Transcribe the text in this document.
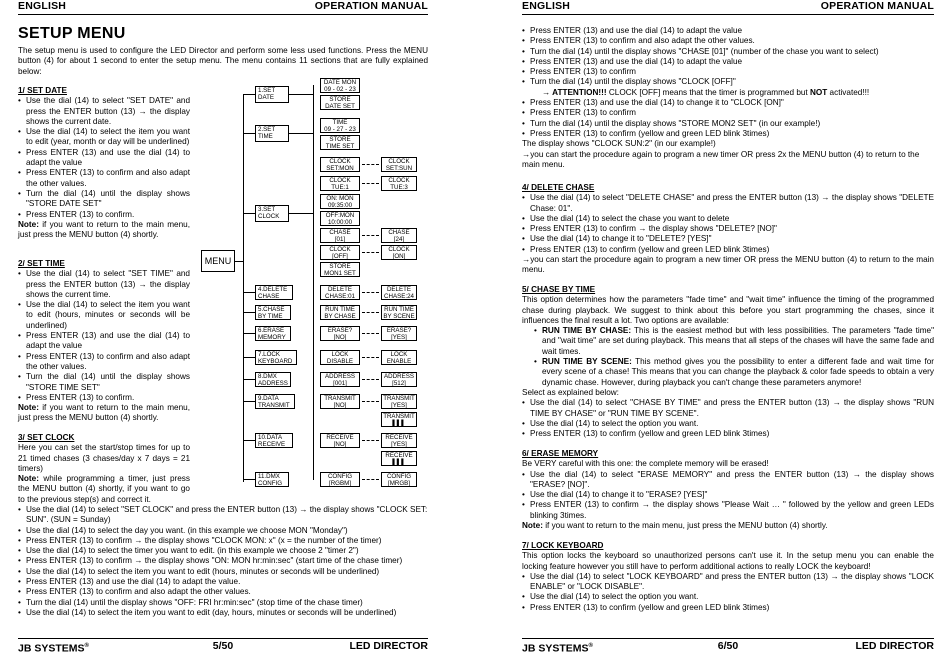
ENGLISH	OPERATION MANUAL
SETUP MENU
The setup menu is used to configure the LED Director and perform some less used functions. Press the MENU button (4) for about 1 second to enter the setup menu. The menu contains 11 sections that are fully explained below:
1/ SET DATE
• Use the dial (14) to select "SET DATE" and press the ENTER button (13) → the display shows the current date.
• Use the dial (14) to select the item you want to edit (year, month or day will be underlined)
• Press ENTER (13) and use the dial (14) to adapt the value
• Press ENTER (13) to confirm and also adapt the other values.
• Turn the dial (14) until the display shows "STORE DATE SET"
• Press ENTER (13) to confirm.
Note: if you want to return to the main menu, just press the MENU button (4) shortly.
2/ SET TIME
• Use the dial (14) to select "SET TIME" and press the ENTER button (13) → the display shows the current time.
• Use the dial (14) to select the item you want to edit (hours, minutes or seconds will be underlined)
• Press ENTER (13) and use the dial (14) to adapt the value
• Press ENTER (13) to confirm and also adapt the other values.
• Turn the dial (14) until the display shows "STORE TIME SET"
• Press ENTER (13) to confirm.
Note: if you want to return to the main menu, just press the MENU button (4) shortly.
3/ SET CLOCK
Here you can set the start/stop times for up to 21 timed chases (3 chases/day x 7 days = 21 timers)
Note: while programming a timer, just press the MENU button (4) shortly, if you want to go to the previous step(s) and correct it.
• Use the dial (14) to select "SET CLOCK" and press the ENTER button (13) → the display shows "CLOCK SET: SUN". (SUN = Sunday)
• Use the dial (14) to select the day you want. (in this example we choose MON "Monday")
• Press ENTER (13) to confirm → the display shows "CLOCK MON: x" (x = the number of the timer)
• Use the dial (14) to select the timer you want to edit. (in this example we choose 2 "timer 2")
• Press ENTER (13) to confirm → the display shows "ON: MON hr:min:sec" (start time of the chase timer)
• Use the dial (14) to select the item you want to edit (hours, minutes or seconds will be underlined)
• Press ENTER (13) and use the dial (14) to adapt the value.
• Press ENTER (13) to confirm and also adapt the other values.
• Turn the dial (14) until the display shows "OFF: FRI hr:min:sec" (stop time of the chase timer)
• Use the dial (14) to select the item you want to edit (day, hours, minutes or seconds will be underlined)
JB SYSTEMS®	5/50	LED DIRECTOR
MENU
1.SET
DATE
2.SET
TIME
3.SET
CLOCK
4.DELETE
CHASE
5.CHASE
BY TIME
6.ERASE
MEMORY
7.LOCK
KEYBOARD
8.DMX
ADDRESS
9.DATA
TRANSMIT
10.DATA
RECEIVE
11.DMX
CONFIG
DATE MON
09 - 02 - 23
STORE
DATE SET
TIME
09 - 27 - 23
STORE
TIME SET
CLOCK
SET:MON
CLOCK
TUE:1
ON: MON
09:35:00
OFF:MON
10:00:00
CHASE
[01]
CLOCK
[OFF]
STORE
MON1 SET
DELETE
CHASE:01
RUN TIME
BY CHASE
ERASE?
[NO]
LOCK
DISABLE
ADDRESS
[001]
TRANSMIT
[NO]
RECEIVE
[NO]
CONFIG
[RGBM]
CLOCK
SET:SUN
CLOCK
TUE:3
CHASE
[24]
CLOCK
[ON]
DELETE
CHASE:24
RUN TIME
BY SCENE
ERASE?
[YES]
LOCK
ENABLE
ADDRESS
[512]
TRANSMIT
[YES]
TRANSMIT
▌▌▌
RECEIVE
[YES]
RECEIVE
▌▌▌
CONFIG
[MRGB]
ENGLISH	OPERATION MANUAL
• Press ENTER (13) and use the dial (14) to adapt the value
• Press ENTER (13) to confirm and also adapt the other values.
• Turn the dial (14) until the display shows "CHASE [01]" (number of the chase you want to select)
• Press ENTER (13) and use the dial (14) to adapt the value
• Press ENTER (13) to confirm
• Turn the dial (14) until the display shows "CLOCK [OFF]"
→ ATTENTION!!! CLOCK [OFF] means that the timer is programmed but NOT activated!!!
• Press ENTER (13) and use the dial (14) to change it to "CLOCK [ON]"
• Press ENTER (13) to confirm
• Turn the dial (14) until the display shows "STORE MON2 SET" (in our example!)
• Press ENTER (13) to confirm (yellow and green LED blink 3times)
The display shows "CLOCK SUN:2" (in our example!)
→you can start the procedure again to program a new timer OR press 2x the MENU button (4) to return to the main menu.
4/ DELETE CHASE
• Use the dial (14) to select "DELETE CHASE" and press the ENTER button (13) → the display shows "DELETE Chase: 01".
• Use the dial (14) to select the chase you want to delete
• Press ENTER (13) to confirm → the display shows "DELETE? [NO]"
• Use the dial (14) to change it to "DELETE? [YES]"
• Press ENTER (13) to confirm (yellow and green LED blink 3times)
→you can start the procedure again to program a new timer OR press the MENU button (4) to return to the main menu.
5/ CHASE BY TIME
This option determines how the parameters "fade time" and "wait time" influence the timing of the programmed chase during playback. We suggest to think about this before you start programming the chases, since it influences the final result a lot. Two options are available:
• RUN TIME BY CHASE: This is the easiest method but with less possibilities. The parameters "fade time" and "wait time" are set during playback. This means that all steps of the chases will have the same fade and wait times.
• RUN TIME BY SCENE: This method gives you the possibility to enter a different fade and wait time for every scene of a chase! This means that you can change the playback & color fade speeds to obtain a very dynamic chase. However, during playback you can't change these parameters anymore!
Select as explained below:
• Use the dial (14) to select "CHASE BY TIME" and press the ENTER button (13) → the display shows "RUN TIME BY CHASE" or "RUN TIME BY SCENE".
• Use the dial (14) to select the option you want.
• Press ENTER (13) to confirm (yellow and green LED blink 3times)
6/ ERASE MEMORY
Be VERY careful with this one: the complete memory will be erased!
• Use the dial (14) to select "ERASE MEMORY" and press the ENTER button (13) → the display shows "ERASE? [NO]".
• Use the dial (14) to change it to "ERASE? [YES]"
• Press ENTER (13) to confirm → the display shows "Please Wait … " followed by the yellow and green LEDs blinking 3times.
Note: if you want to return to the main menu, just press the MENU button (4) shortly.
7/ LOCK KEYBOARD
This option locks the keyboard so unauthorized persons can't use it. In the setup menu you can enable the locking feature however you still have to perform additional actions to really LOCK the keyboard!
• Use the dial (14) to select "LOCK KEYBOARD" and press the ENTER button (13) → the display shows "LOCK ENABLE" or "LOCK DISABLE".
• Use the dial (14) to select the option you want.
• Press ENTER (13) to confirm (yellow and green LED blink 3times)
JB SYSTEMS®	6/50	LED DIRECTOR
